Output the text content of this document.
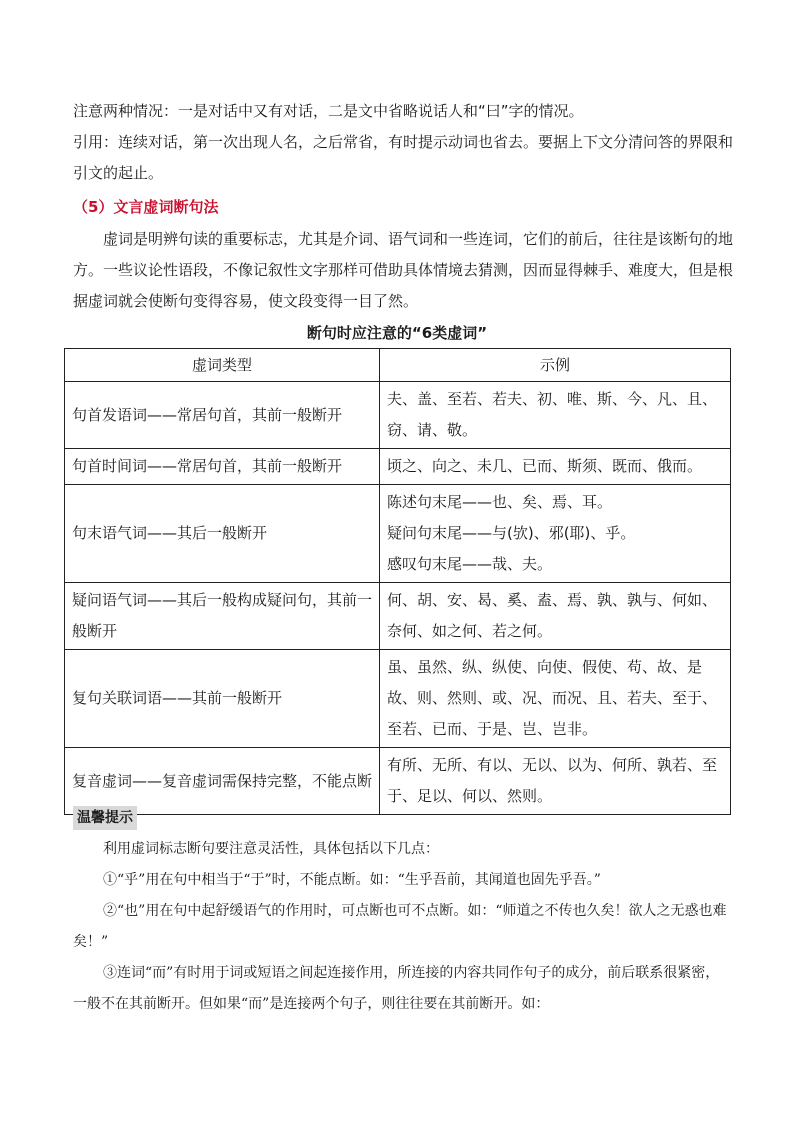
注意两种情况：一是对话中又有对话，二是文中省略说话人和“曰”字的情况。

引用：连续对话，第一次出现人名，之后常省，有时提示动词也省去。要据上下文分清问答的界限和引文的起止。

（5）文言虚词断句法

虚词是明辨句读的重要标志，尤其是介词、语气词和一些连词，它们的前后，往往是该断句的地方。一些议论性语段，不像记叙性文字那样可借助具体情境去猜测，因而显得棘手、难度大，但是根据虚词就会使断句变得容易，使文段变得一目了然。

断句时应注意的“6类虚词”
虚词类型	示例
句首发语词——常居句首，其前一般断开	夫、盖、至若、若夫、初、唯、斯、今、凡、且、窃、请、敬。

句首时间词——常居句首，其前一般断开	顷之、向之、未几、已而、斯须、既而、俄而。

句末语气词——其后一般断开	陈述句末尾——也、矣、焉、耳。
疑问句末尾——与(欤)、邪(耶)、乎。
感叹句末尾——哉、夫。

疑问语气词——其后一般构成疑问句，其前一般断开	何、胡、安、曷、奚、盍、焉、孰、孰与、何如、奈何、如之何、若之何。

复句关联词语——其前一般断开	虽、虽然、纵、纵使、向使、假使、苟、故、是故、则、然则、或、况、而况、且、若夫、至于、至若、已而、于是、岂、岂非。

复音虚词——复音虚词需保持完整，不能点断	有所、无所、有以、无以、以为、何所、孰若、至于、足以、何以、然则。
温馨提示

利用虚词标志断句要注意灵活性，具体包括以下几点：

①“乎”用在句中相当于“于”时，不能点断。如：“生乎吾前，其闻道也固先乎吾。”

②“也”用在句中起舒缓语气的作用时，可点断也可不点断。如：“师道之不传也久矣！欲人之无惑也难矣！”

③连词“而”有时用于词或短语之间起连接作用，所连接的内容共同作句子的成分，前后联系很紧密，一般不在其前断开。但如果“而”是连接两个句子，则往往要在其前断开。如：
